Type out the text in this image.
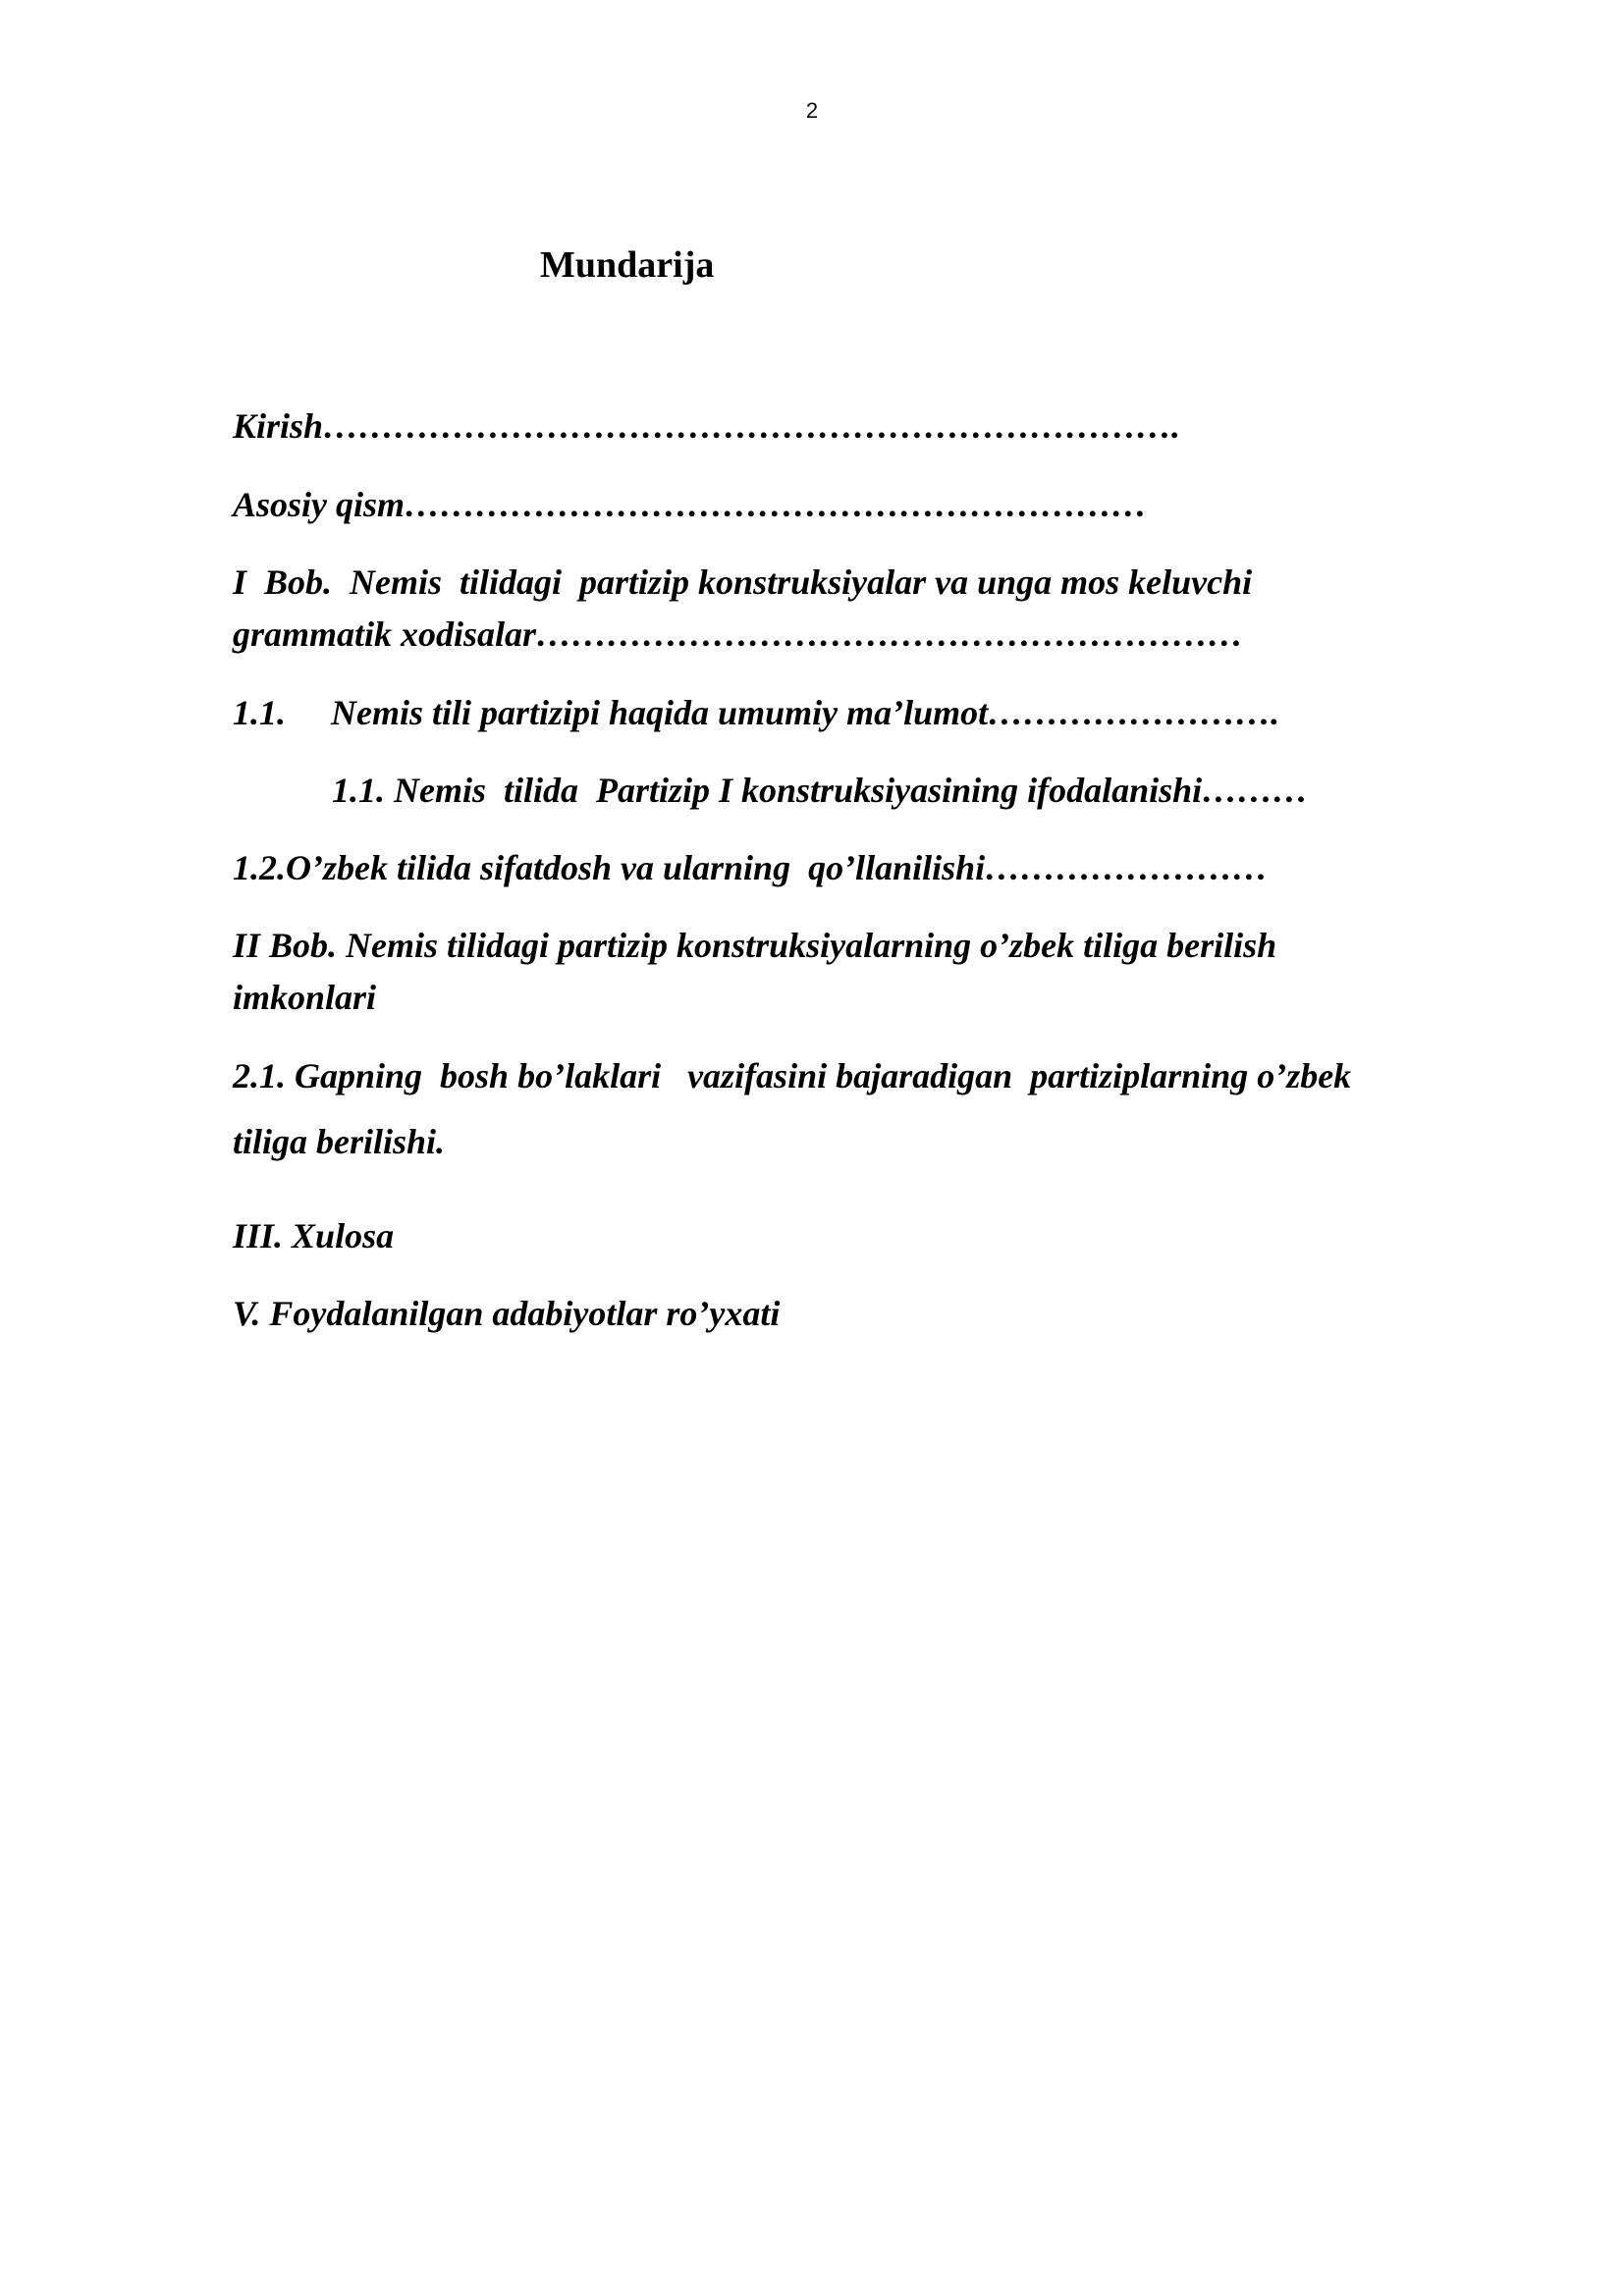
2
Mundarija
Kirish……………………………………………………………….
Asosiy qism………………………………………………………
I  Bob.  Nemis  tilidagi  partizip konstruksiyalar va unga mos keluvchi
grammatik xodisalar……………………………………………………
1.1. Nemis tili partizipi haqida umumiy ma’lumot…………………….
1.1. Nemis  tilida  Partizip I konstruksiyasining ifodalanishi………
1.2.O’zbek tilida sifatdosh va ularning  qo’llanilishi……………………
II Bob. Nemis tilidagi partizip konstruksiyalarning o’zbek tiliga berilish
imkonlari
2.1. Gapning  bosh bo’laklari   vazifasini bajaradigan  partiziplarning o’zbek
tiliga berilishi.
III. Xulosa
V. Foydalanilgan adabiyotlar ro’yxati
